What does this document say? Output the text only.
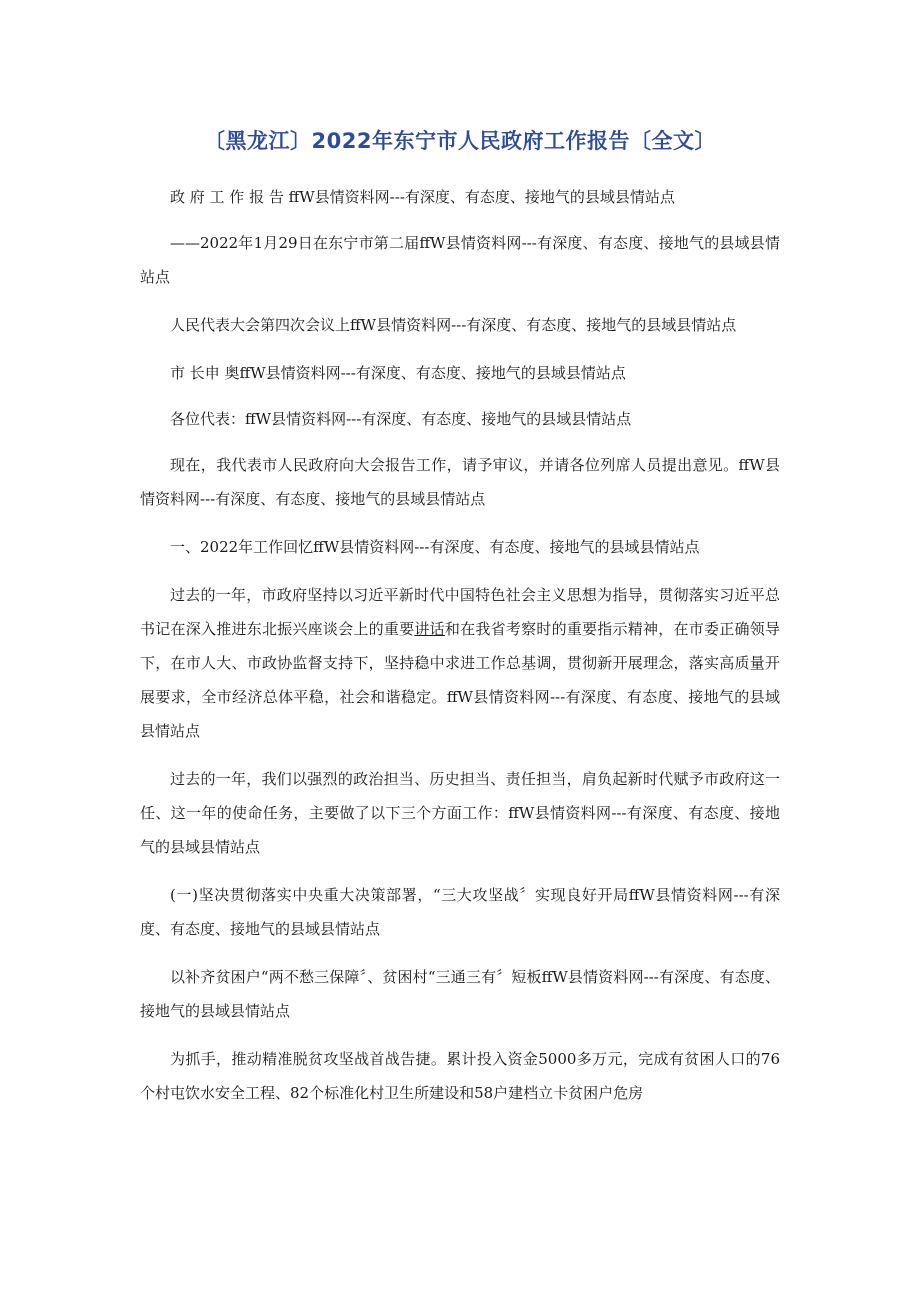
〔黑龙江〕2022年东宁市人民政府工作报告〔全文〕

政 府 工 作 报 告 ffW县情资料网---有深度、有态度、接地气的县域县情站点

——2022年1月29日在东宁市第二届ffW县情资料网---有深度、有态度、接地气的县域县情站点

人民代表大会第四次会议上ffW县情资料网---有深度、有态度、接地气的县域县情站点

市 长申 奥ffW县情资料网---有深度、有态度、接地气的县域县情站点

各位代表：ffW县情资料网---有深度、有态度、接地气的县域县情站点

现在，我代表市人民政府向大会报告工作，请予审议，并请各位列席人员提出意见。ffW县情资料网---有深度、有态度、接地气的县域县情站点

一、2022年工作回忆ffW县情资料网---有深度、有态度、接地气的县域县情站点

过去的一年，市政府坚持以习近平新时代中国特色社会主义思想为指导，贯彻落实习近平总书记在深入推进东北振兴座谈会上的重要讲话和在我省考察时的重要指示精神，在市委正确领导下，在市人大、市政协监督支持下，坚持稳中求进工作总基调，贯彻新开展理念，落实高质量开展要求，全市经济总体平稳，社会和谐稳定。ffW县情资料网---有深度、有态度、接地气的县域县情站点

过去的一年，我们以强烈的政治担当、历史担当、责任担当，肩负起新时代赋予市政府这一任、这一年的使命任务，主要做了以下三个方面工作：ffW县情资料网---有深度、有态度、接地气的县域县情站点

(一)坚决贯彻落实中央重大决策部署，“三大攻坚战〞实现良好开局ffW县情资料网---有深度、有态度、接地气的县域县情站点

以补齐贫困户“两不愁三保障〞、贫困村“三通三有〞短板ffW县情资料网---有深度、有态度、接地气的县域县情站点

为抓手，推动精准脱贫攻坚战首战告捷。累计投入资金5000多万元，完成有贫困人口的76个村屯饮水安全工程、82个标准化村卫生所建设和58户建档立卡贫困户危房
